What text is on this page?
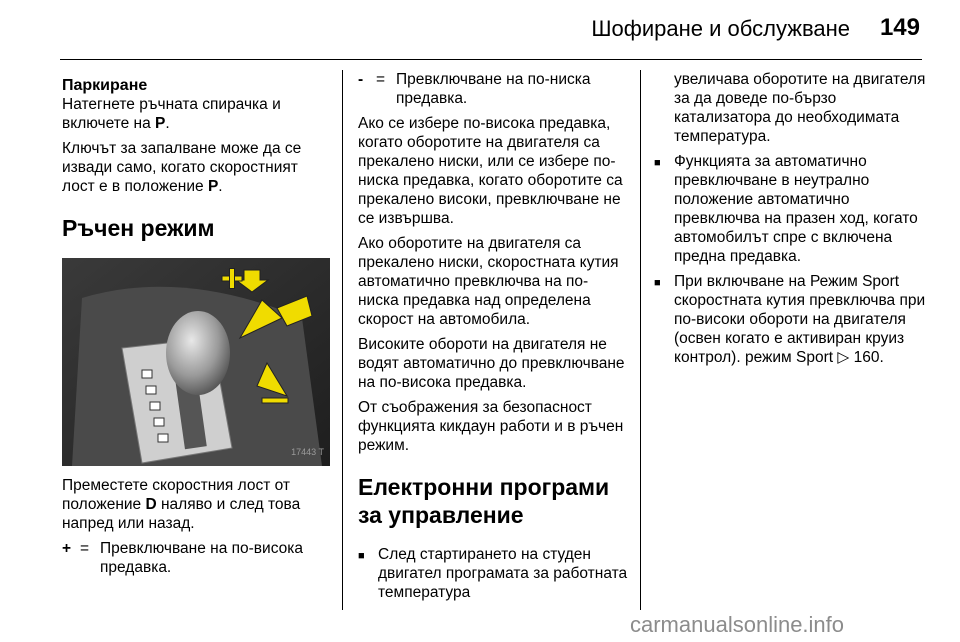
Шофиране и обслужване 149
Паркиране

Натегнете ръчната спирачка и включете на P.

Ключът за запалване може да се извади само, когато скоростният лост е в положение P.

Ръчен режим
17443 T

Преместете скоростния лост от положение D наляво и след това напред или назад.

+ = Превключване на по-висока предавка.
- = Превключване на по-ниска предавка.

Ако се избере по-висока предавка, когато оборотите на двигателя са прекалено ниски, или се избере по-ниска предавка, когато оборотите са прекалено високи, превключване не се извършва.

Ако оборотите на двигателя са прекалено ниски, скоростната кутия автоматично превключва на по-ниска предавка над определена скорост на автомобила.

Високите обороти на двигателя не водят автоматично до превключване на по-висока предавка.

От съображения за безопасност функцията кикдаун работи и в ръчен режим.

Електронни програми за управление
■ След стартирането на студен двигател програмата за работната температура
увеличава оборотите на двигателя за да доведе по-бързо катализатора до необходимата температура.
■ Функцията за автоматично превключване в неутрално положение автоматично превключва на празен ход, когато автомобилът спре с включена предна предавка.
■ При включване на Режим Sport скоростната кутия превключва при по-високи обороти на двигателя (освен когато е активиран круиз контрол). режим Sport ▷ 160.
carmanualsonline.info
